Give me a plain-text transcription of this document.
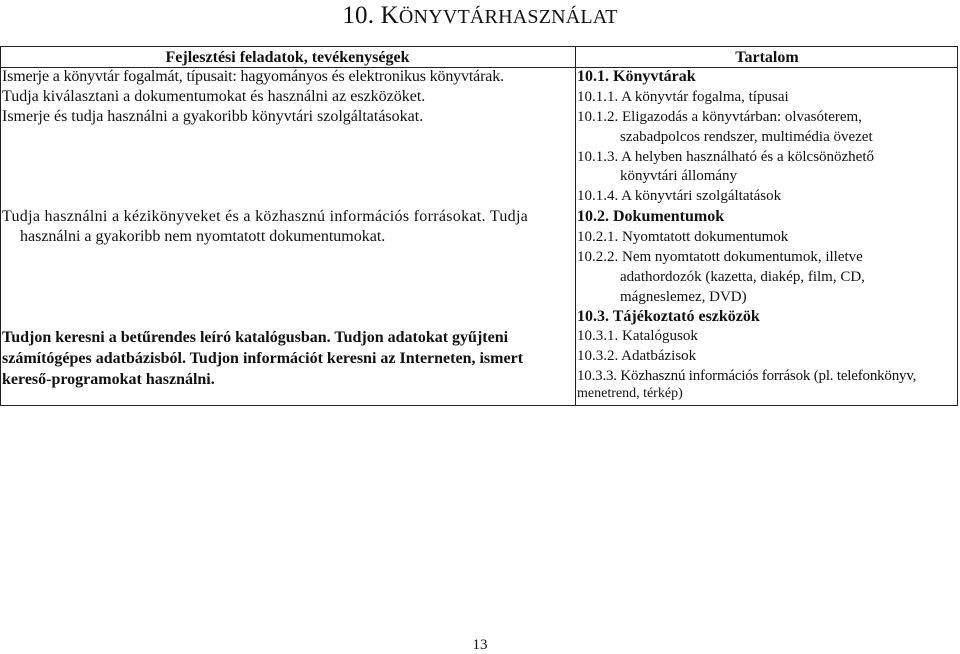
10. KÖNYVTÁRHASZNÁLAT
Fejlesztési feladatok, tevékenységek	Tartalom
Ismerje a könyvtár fogalmát, típusait: hagyományos és elektronikus könyvtárak.
Tudja kiválasztani a dokumentumokat és használni az eszközöket.
Ismerje és tudja használni a gyakoribb könyvtári szolgáltatásokat.
Tudja használni a kézikönyveket és a közhasznú információs forrásokat. Tudja
használni a gyakoribb nem nyomtatott dokumentumokat.
Tudjon keresni a betűrendes leíró katalógusban. Tudjon adatokat gyűjteni
számítógépes adatbázisból. Tudjon információt keresni az Interneten, ismert
kereső-programokat használni.
10.1. Könyvtárak
10.1.1. A könyvtár fogalma, típusai
10.1.2. Eligazodás a könyvtárban: olvasóterem,
szabadpolcos rendszer, multimédia övezet
10.1.3. A helyben használható és a kölcsönözhető
könyvtári állomány
10.1.4. A könyvtári szolgáltatások
10.2. Dokumentumok
10.2.1. Nyomtatott dokumentumok
10.2.2. Nem nyomtatott dokumentumok, illetve
adathordozók (kazetta, diakép, film, CD,
mágneslemez, DVD)
10.3. Tájékoztató eszközök
10.3.1. Katalógusok
10.3.2. Adatbázisok
10.3.3. Közhasznú információs források (pl. telefonkönyv,
menetrend, térkép)
13
